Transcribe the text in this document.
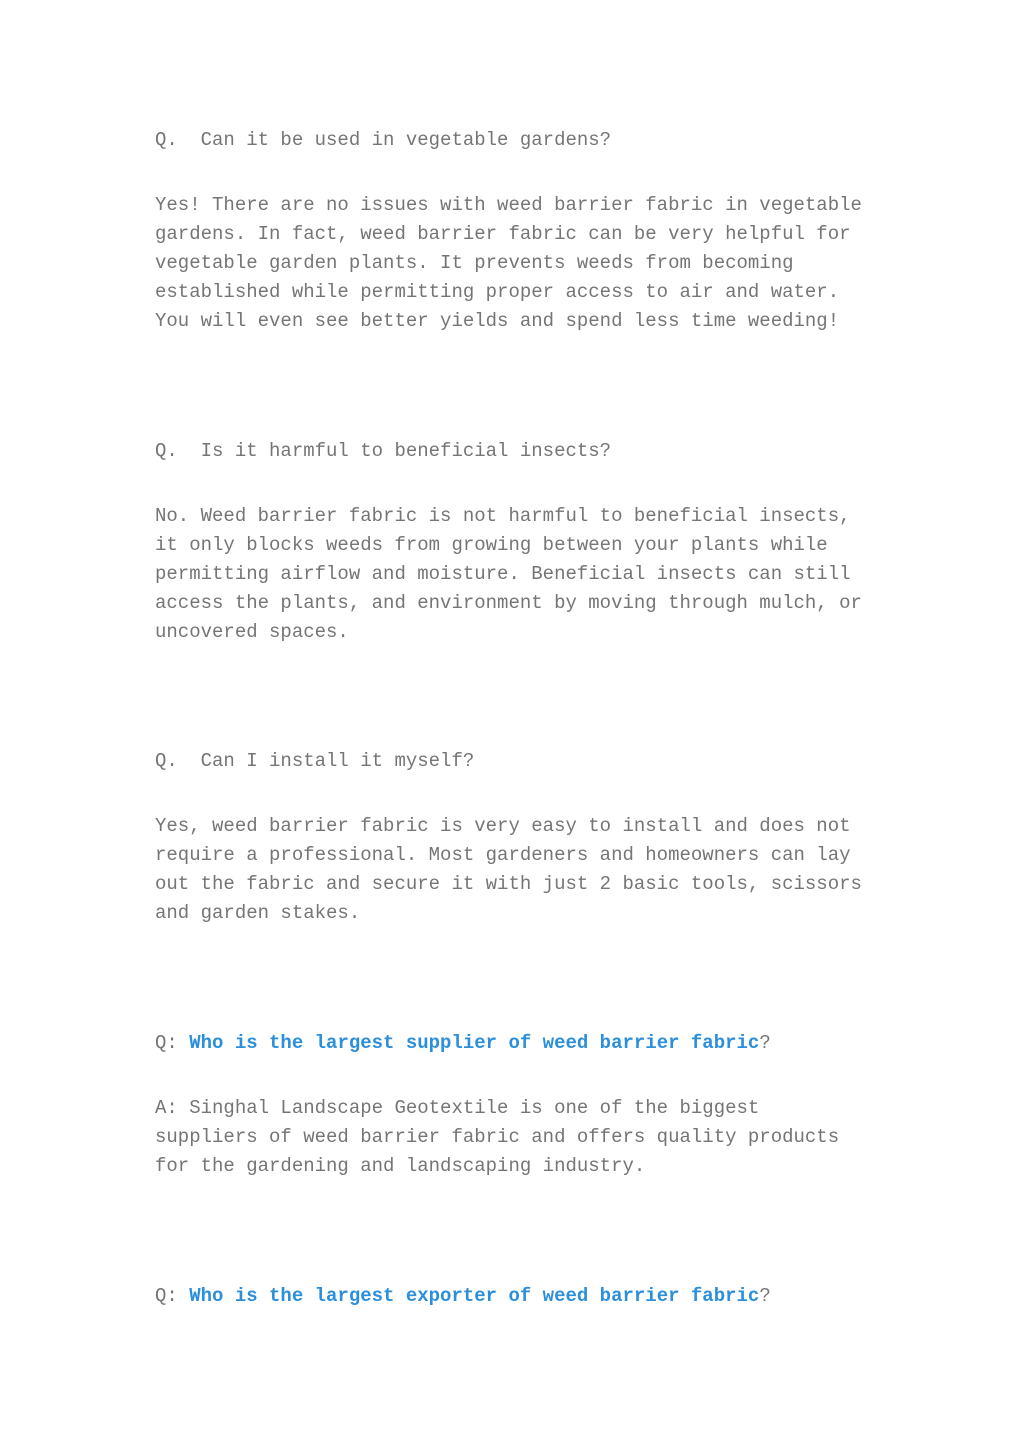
Q.  Can it be used in vegetable gardens?
Yes! There are no issues with weed barrier fabric in vegetable
gardens. In fact, weed barrier fabric can be very helpful for
vegetable garden plants. It prevents weeds from becoming
established while permitting proper access to air and water.
You will even see better yields and spend less time weeding!
Q.  Is it harmful to beneficial insects?
No. Weed barrier fabric is not harmful to beneficial insects,
it only blocks weeds from growing between your plants while
permitting airflow and moisture. Beneficial insects can still
access the plants, and environment by moving through mulch, or
uncovered spaces.
Q.  Can I install it myself?
Yes, weed barrier fabric is very easy to install and does not
require a professional. Most gardeners and homeowners can lay
out the fabric and secure it with just 2 basic tools, scissors
and garden stakes.
Q: Who is the largest supplier of weed barrier fabric?
A: Singhal Landscape Geotextile is one of the biggest
suppliers of weed barrier fabric and offers quality products
for the gardening and landscaping industry.
Q: Who is the largest exporter of weed barrier fabric?
